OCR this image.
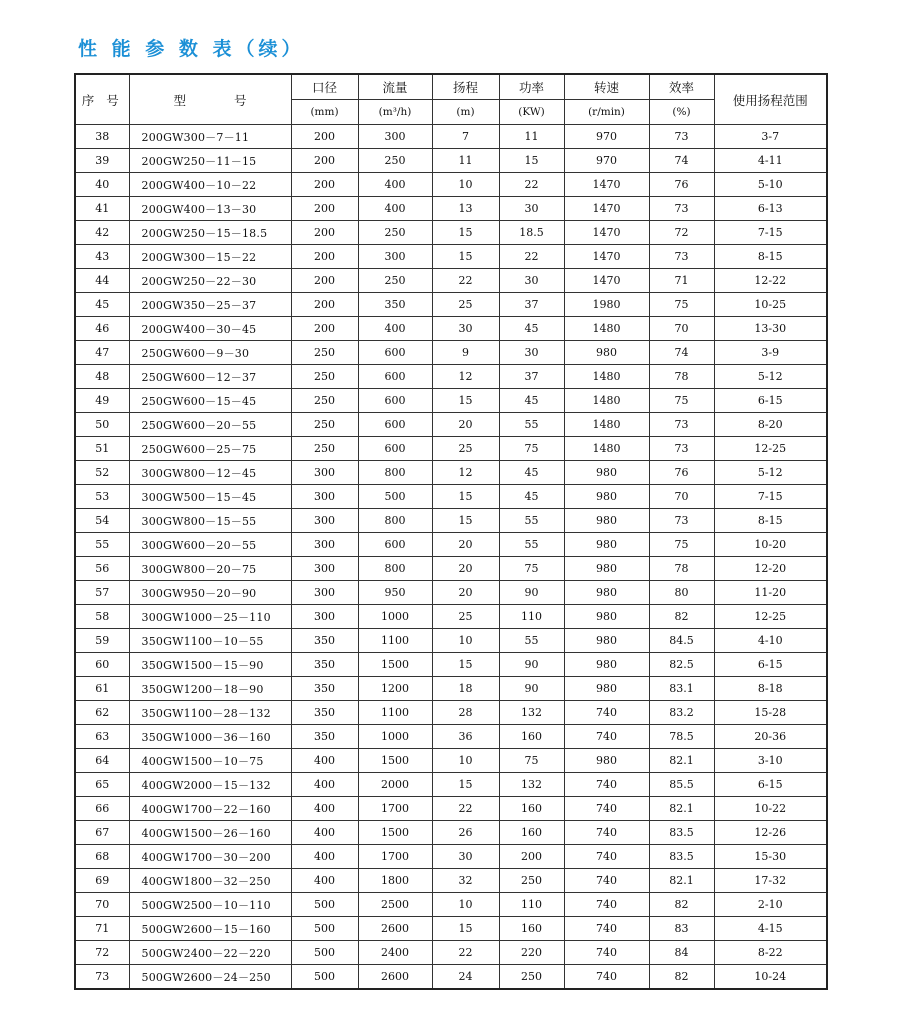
性 能 参 数 表（续）
序 号	型 号	口径	流量	扬程	功率	转速	效率	使用扬程范围
		(mm)	(m³/h)	(m)	(KW)	(r/min)	(%)	
38	200GW300－7－11	200	300	7	11	970	73	3-7
39	200GW250－11－15	200	250	11	15	970	74	4-11
40	200GW400－10－22	200	400	10	22	1470	76	5-10
41	200GW400－13－30	200	400	13	30	1470	73	6-13
42	200GW250－15－18.5	200	250	15	18.5	1470	72	7-15
43	200GW300－15－22	200	300	15	22	1470	73	8-15
44	200GW250－22－30	200	250	22	30	1470	71	12-22
45	200GW350－25－37	200	350	25	37	1980	75	10-25
46	200GW400－30－45	200	400	30	45	1480	70	13-30
47	250GW600－9－30	250	600	9	30	980	74	3-9
48	250GW600－12－37	250	600	12	37	1480	78	5-12
49	250GW600－15－45	250	600	15	45	1480	75	6-15
50	250GW600－20－55	250	600	20	55	1480	73	8-20
51	250GW600－25－75	250	600	25	75	1480	73	12-25
52	300GW800－12－45	300	800	12	45	980	76	5-12
53	300GW500－15－45	300	500	15	45	980	70	7-15
54	300GW800－15－55	300	800	15	55	980	73	8-15
55	300GW600－20－55	300	600	20	55	980	75	10-20
56	300GW800－20－75	300	800	20	75	980	78	12-20
57	300GW950－20－90	300	950	20	90	980	80	11-20
58	300GW1000－25－110	300	1000	25	110	980	82	12-25
59	350GW1100－10－55	350	1100	10	55	980	84.5	4-10
60	350GW1500－15－90	350	1500	15	90	980	82.5	6-15
61	350GW1200－18－90	350	1200	18	90	980	83.1	8-18
62	350GW1100－28－132	350	1100	28	132	740	83.2	15-28
63	350GW1000－36－160	350	1000	36	160	740	78.5	20-36
64	400GW1500－10－75	400	1500	10	75	980	82.1	3-10
65	400GW2000－15－132	400	2000	15	132	740	85.5	6-15
66	400GW1700－22－160	400	1700	22	160	740	82.1	10-22
67	400GW1500－26－160	400	1500	26	160	740	83.5	12-26
68	400GW1700－30－200	400	1700	30	200	740	83.5	15-30
69	400GW1800－32－250	400	1800	32	250	740	82.1	17-32
70	500GW2500－10－110	500	2500	10	110	740	82	2-10
71	500GW2600－15－160	500	2600	15	160	740	83	4-15
72	500GW2400－22－220	500	2400	22	220	740	84	8-22
73	500GW2600－24－250	500	2600	24	250	740	82	10-24
